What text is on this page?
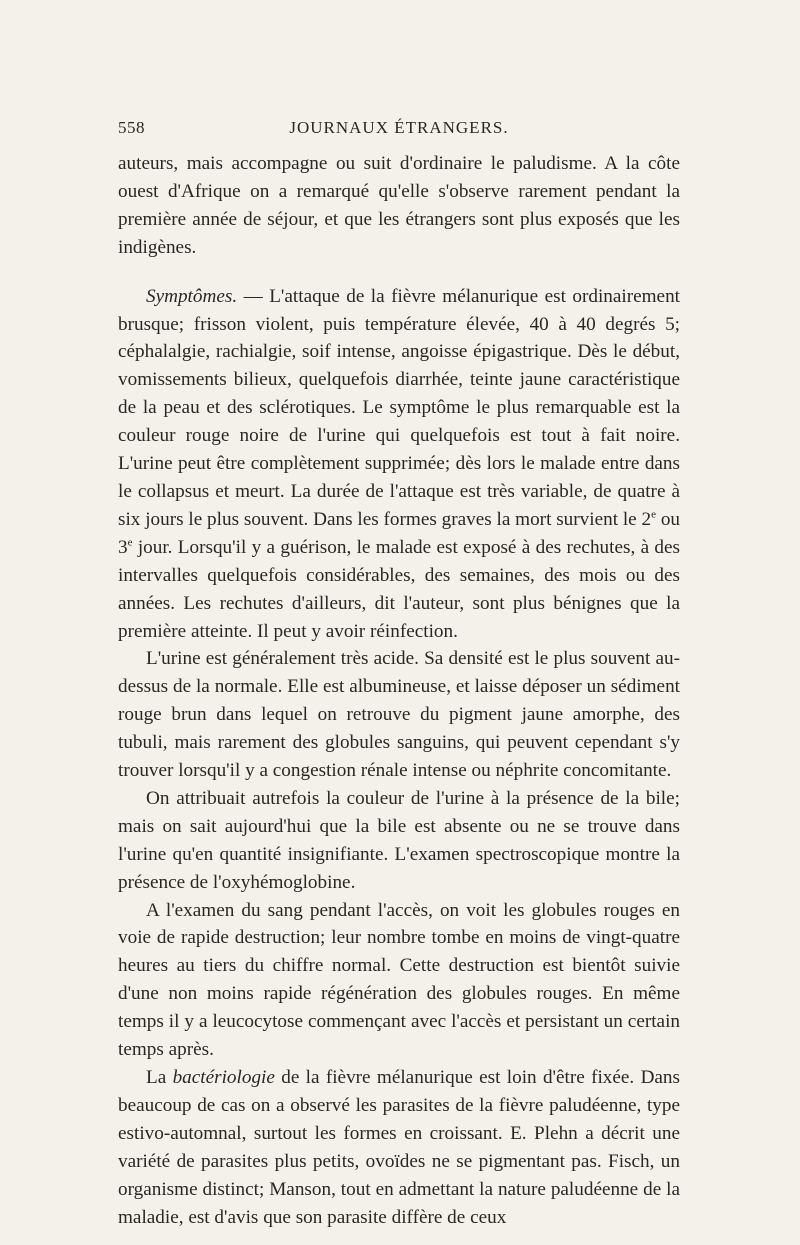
558	JOURNAUX ÉTRANGERS.

auteurs, mais accompagne ou suit d'ordinaire le paludisme. A la côte ouest d'Afrique on a remarqué qu'elle s'observe rarement pendant la première année de séjour, et que les étrangers sont plus exposés que les indigènes.

Symptômes. — L'attaque de la fièvre mélanurique est ordinairement brusque; frisson violent, puis température élevée, 40 à 40 degrés 5; céphalalgie, rachialgie, soif intense, angoisse épigastrique. Dès le début, vomissements bilieux, quelquefois diarrhée, teinte jaune caractéristique de la peau et des sclérotiques. Le symptôme le plus remarquable est la couleur rouge noire de l'urine qui quelquefois est tout à fait noire. L'urine peut être complètement supprimée; dès lors le malade entre dans le collapsus et meurt. La durée de l'attaque est très variable, de quatre à six jours le plus souvent. Dans les formes graves la mort survient le 2e ou 3e jour. Lorsqu'il y a guérison, le malade est exposé à des rechutes, à des intervalles quelquefois considérables, des semaines, des mois ou des années. Les rechutes d'ailleurs, dit l'auteur, sont plus bénignes que la première atteinte. Il peut y avoir réinfection.

L'urine est généralement très acide. Sa densité est le plus souvent au-dessus de la normale. Elle est albumineuse, et laisse déposer un sédiment rouge brun dans lequel on retrouve du pigment jaune amorphe, des tubuli, mais rarement des globules sanguins, qui peuvent cependant s'y trouver lorsqu'il y a congestion rénale intense ou néphrite concomitante.

On attribuait autrefois la couleur de l'urine à la présence de la bile; mais on sait aujourd'hui que la bile est absente ou ne se trouve dans l'urine qu'en quantité insignifiante. L'examen spectroscopique montre la présence de l'oxyhémoglobine.

A l'examen du sang pendant l'accès, on voit les globules rouges en voie de rapide destruction; leur nombre tombe en moins de vingt-quatre heures au tiers du chiffre normal. Cette destruction est bientôt suivie d'une non moins rapide régénération des globules rouges. En même temps il y a leucocytose commençant avec l'accès et persistant un certain temps après.

La bactériologie de la fièvre mélanurique est loin d'être fixée. Dans beaucoup de cas on a observé les parasites de la fièvre paludéenne, type estivo-automnal, surtout les formes en croissant. E. Plehn a décrit une variété de parasites plus petits, ovoïdes ne se pigmentant pas. Fisch, un organisme distinct; Manson, tout en admettant la nature paludéenne de la maladie, est d'avis que son parasite diffère de ceux
